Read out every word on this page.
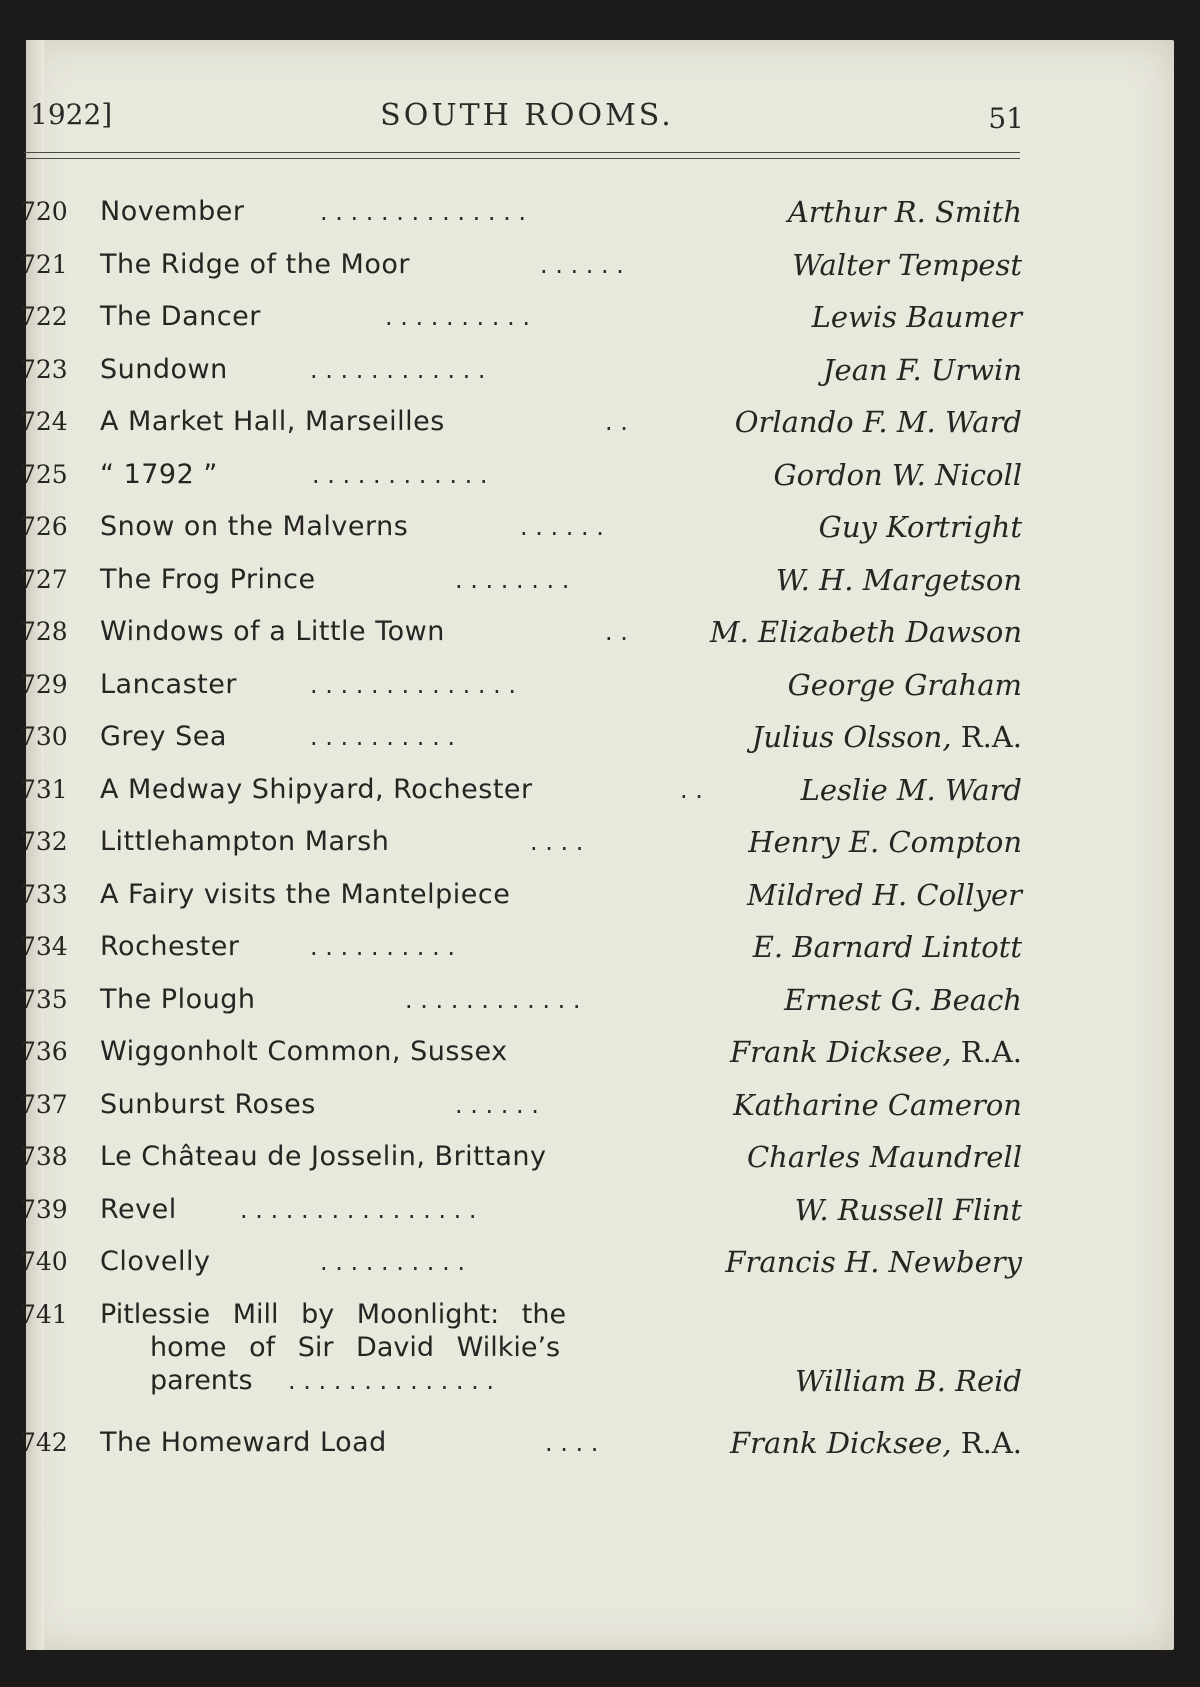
1922]	SOUTH ROOMS.	51
720 November	. . . . . . . . . . . . . .	Arthur R. Smith
721 The Ridge of the Moor	. . . . . .	Walter Tempest
722 The Dancer	. . . . . . . . . .	Lewis Baumer
723 Sundown	. . . . . . . . . . . .	Jean F. Urwin
724 A Market Hall, Marseilles	. .	Orlando F. M. Ward
725 “ 1792 ”	. . . . . . . . . . . .	Gordon W. Nicoll
726 Snow on the Malverns	. . . . . .	Guy Kortright
727 The Frog Prince	. . . . . . . .	W. H. Margetson
728 Windows of a Little Town	. .	M. Elizabeth Dawson
729 Lancaster	. . . . . . . . . . . . . .	George Graham
730 Grey Sea	. . . . . . . . . .	Julius Olsson, R.A.
731 A Medway Shipyard, Rochester	. .	Leslie M. Ward
732 Littlehampton Marsh	. . . .	Henry E. Compton
733 A Fairy visits the Mantelpiece	Mildred H. Collyer
734 Rochester	. . . . . . . . . .	E. Barnard Lintott
735 The Plough	. . . . . . . . . . . .	Ernest G. Beach
736 Wiggonholt Common, Sussex	Frank Dicksee, R.A.
737 Sunburst Roses	. . . . . .	Katharine Cameron
738 Le Château de Josselin, Brittany	Charles Maundrell
739 Revel	. . . . . . . . . . . . . . . .	W. Russell Flint
740 Clovelly	. . . . . . . . . .	Francis H. Newbery
741 Pitlessie Mill by Moonlight: the
home of Sir David Wilkie’s
parents . . . . . . . . . . . . . .	William B. Reid
742 The Homeward Load	. . . .	Frank Dicksee, R.A.
